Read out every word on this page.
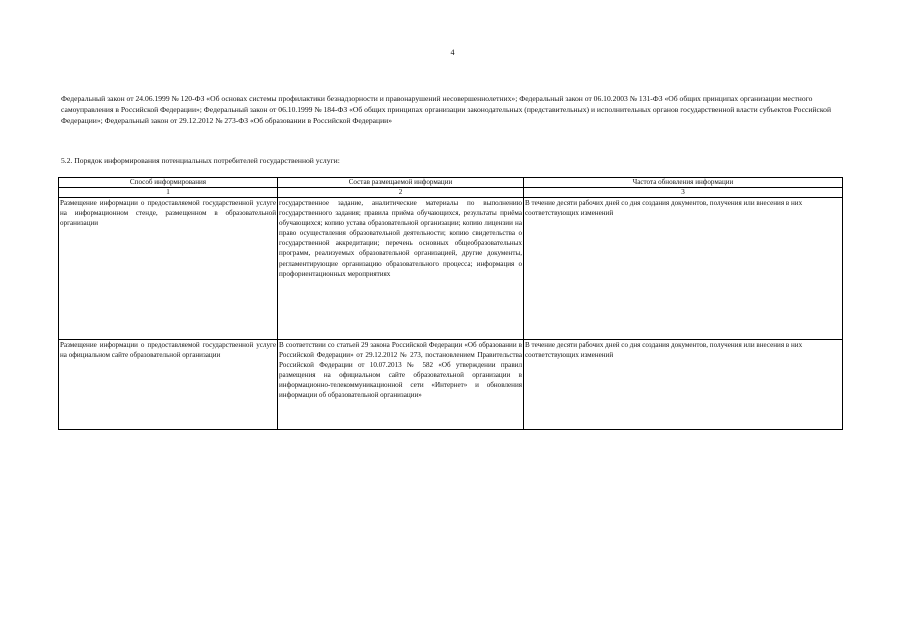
4
Федеральный закон от 24.06.1999 № 120-ФЗ «Об основах системы профилактики безнадзорности и правонарушений несовершеннолетних»; Федеральный закон от 06.10.2003 № 131-ФЗ «Об общих принципах организации местного самоуправления в Российской Федерации»; Федеральный закон от 06.10.1999 № 184-ФЗ «Об общих принципах организации законодательных (представительных) и исполнительных органов государственной власти субъектов Российской Федерации»; Федеральный закон от 29.12.2012 № 273-ФЗ «Об образовании в Российской Федерации»
5.2. Порядок информирования потенциальных потребителей государственной услуги:
Способ информирования	Состав размещаемой информации	Частота обновления информации
1	2	3
Размещение информации о предоставляемой государственной услуге на информационном стенде, размещенном в образовательной организации	государственное задание, аналитические материалы по выполнению государственного задания; правила приёма обучающихся, результаты приёма обучающихся; копию устава образовательной организации; копию лицензии на право осуществления образовательной деятельности; копию свидетельства о государственной аккредитации; перечень основных общеобразовательных программ, реализуемых образовательной организацией, другие документы, регламентирующие организацию образовательного процесса; информация о профориентационных мероприятиях	В течение десяти рабочих дней со дня создания документов, получения или внесения в них соответствующих изменений
Размещение информации о предоставляемой государственной услуге на официальном сайте образовательной организации	В соответствии со статьей 29 закона Российской Федерации «Об образовании в Российской Федерации» от 29.12.2012 № 273, постановлением Правительства Российской Федерации от 10.07.2013 № 582 «Об утверждении правил размещения на официальном сайте образовательной организации в информационно-телекоммуникационной сети «Интернет» и обновления информации об образовательной организации»	В течение десяти рабочих дней со дня создания документов, получения или внесения в них соответствующих изменений
